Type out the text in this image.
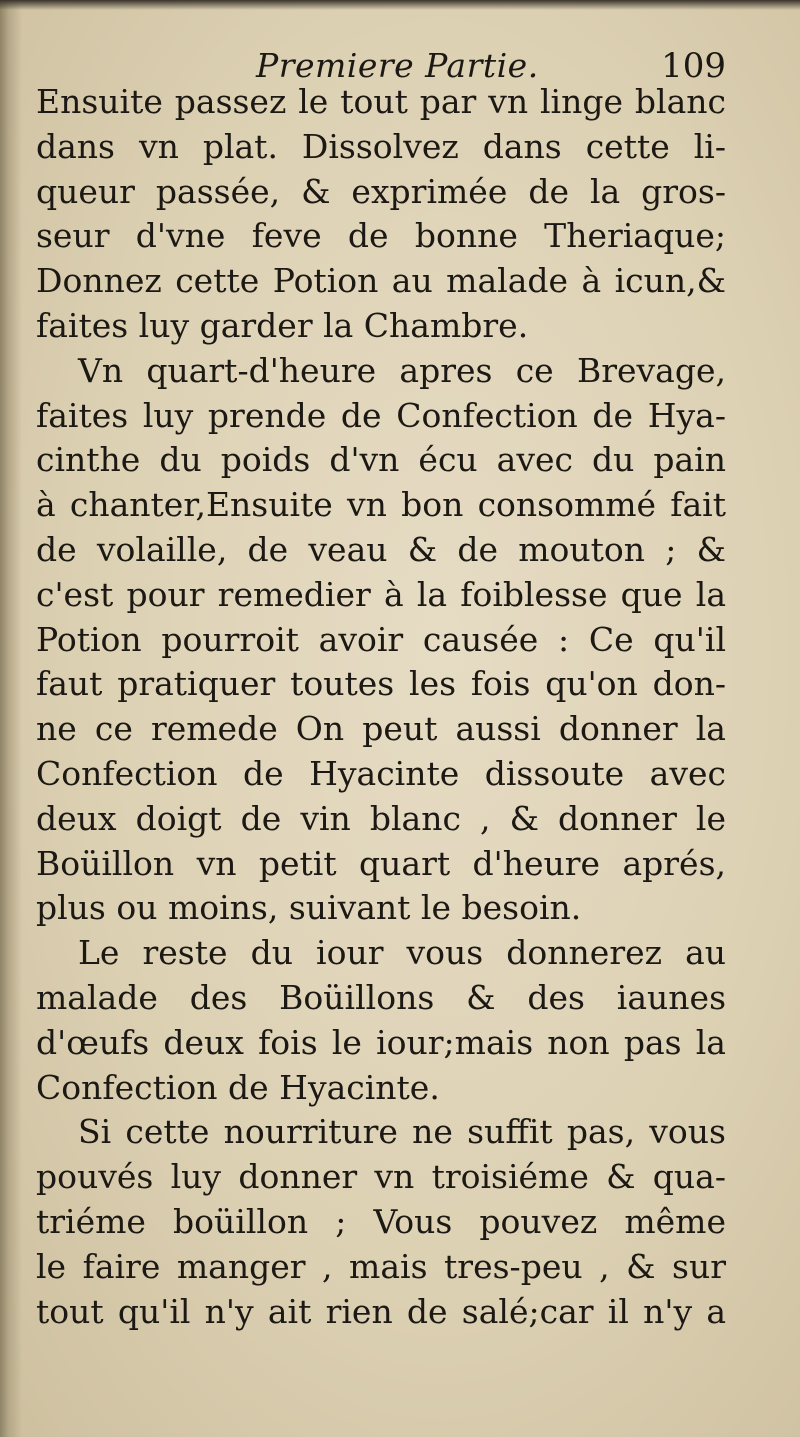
Premiere Partie.	109
Ensuite passez le tout par vn linge blanc
dans vn plat. Dissolvez dans cette li-
queur passée, & exprimée de la gros-
seur d'vne feve de bonne Theriaque;
Donnez cette Potion au malade à icun,&
faites luy garder la Chambre.
Vn quart-d'heure apres ce Brevage,
faites luy prende de Confection de Hya-
cinthe du poids d'vn écu avec du pain
à chanter,Ensuite vn bon consommé fait
de volaille, de veau & de mouton ; &
c'est pour remedier à la foiblesse que la
Potion pourroit avoir causée : Ce qu'il
faut pratiquer toutes les fois qu'on don-
ne ce remede On peut aussi donner la
Confection de Hyacinte dissoute avec
deux doigt de vin blanc , & donner le
Boüillon vn petit quart d'heure aprés,
plus ou moins, suivant le besoin.
Le reste du iour vous donnerez au
malade des Boüillons & des iaunes
d'œufs deux fois le iour;mais non pas la
Confection de Hyacinte.
Si cette nourriture ne suffit pas, vous
pouvés luy donner vn troisiéme & qua-
triéme boüillon ; Vous pouvez même
le faire manger , mais tres-peu , & sur
tout qu'il n'y ait rien de salé;car il n'y a
